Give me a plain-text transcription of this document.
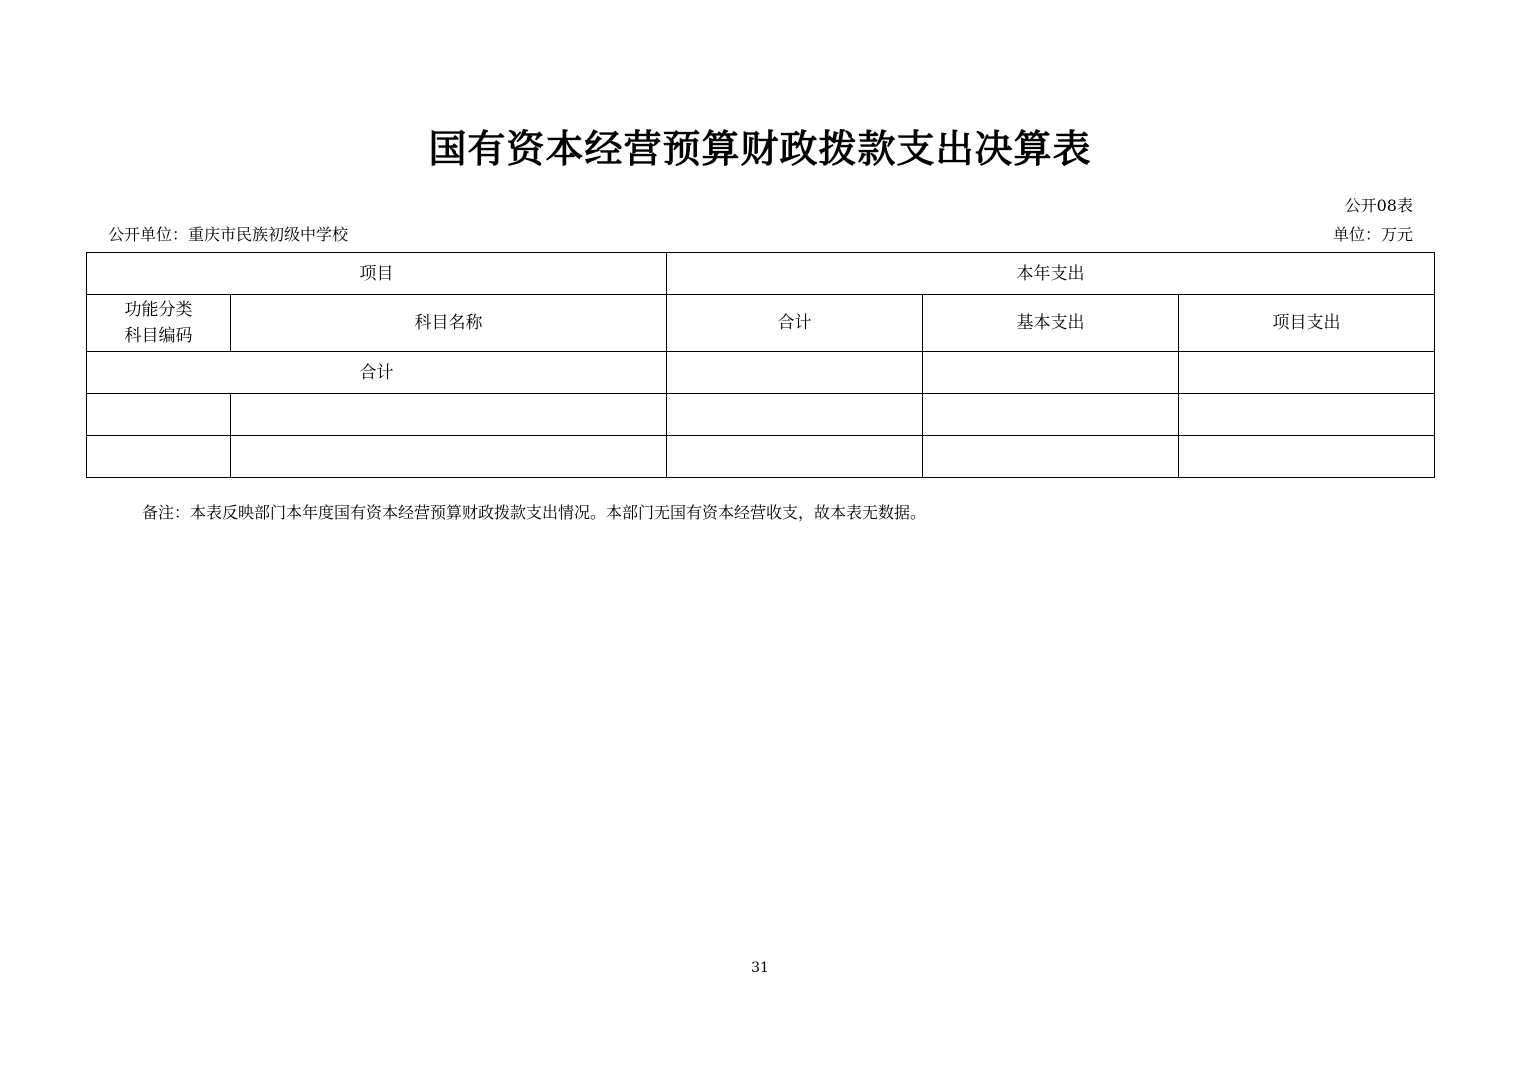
国有资本经营预算财政拨款支出决算表
公开08表
公开单位：重庆市民族初级中学校	单位：万元
项目		本年支出		

功能分类
科目编码	科目名称	合计	基本支出	项目支出
合计				

备注：本表反映部门本年度国有资本经营预算财政拨款支出情况。本部门无国有资本经营收支，故本表无数据。
31
